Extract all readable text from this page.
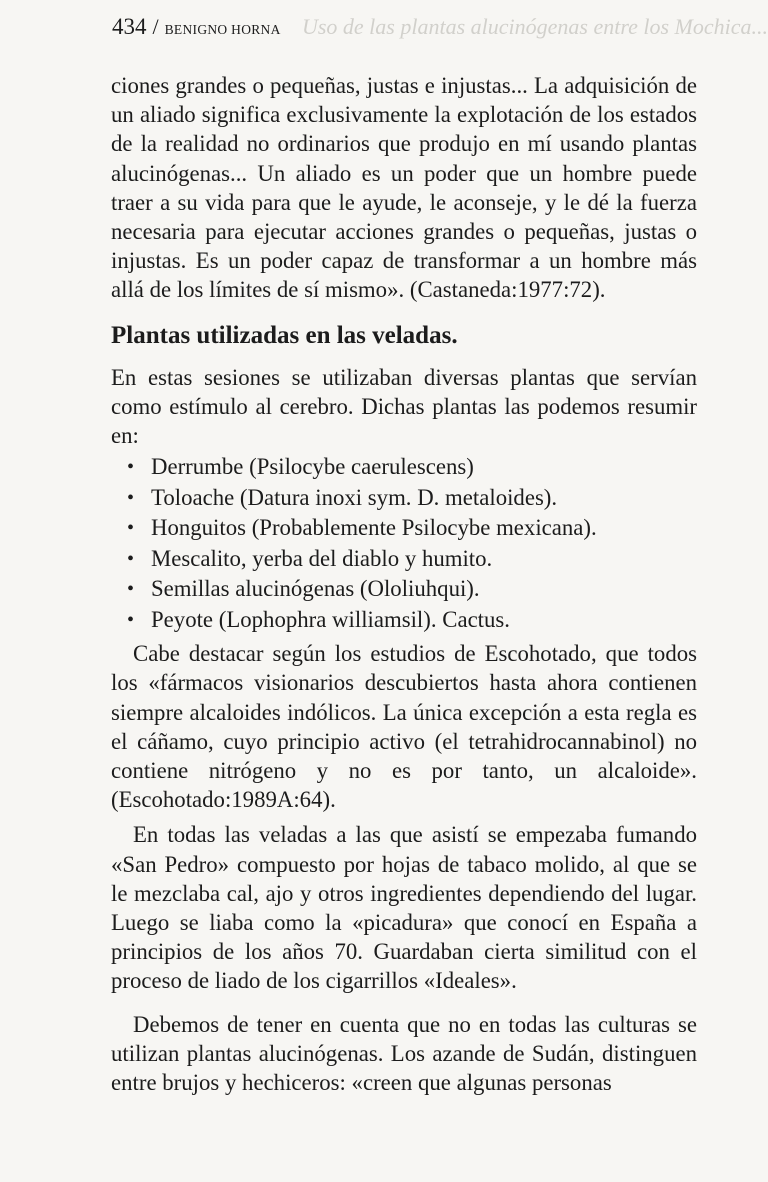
Uso de las plantas alucinógenas entre los Mochica...
434 / BENIGNO HORNA

ciones grandes o pequeñas, justas e injustas... La adquisición de un aliado significa exclusivamente la explotación de los estados de la realidad no ordinarios que produjo en mí usando plantas alucinógenas... Un aliado es un poder que un hombre puede traer a su vida para que le ayude, le aconseje, y le dé la fuerza necesaria para ejecutar acciones grandes o pequeñas, justas o injustas. Es un poder capaz de transformar a un hombre más allá de los límites de sí mismo». (Castaneda:1977:72).

Plantas utilizadas en las veladas.

En estas sesiones se utilizaban diversas plantas que servían como estímulo al cerebro. Dichas plantas las podemos resumir en:

• Derrumbe (Psilocybe caerulescens)
• Toloache (Datura inoxi sym. D. metaloides).
• Honguitos (Probablemente Psilocybe mexicana).
• Mescalito, yerba del diablo y humito.
• Semillas alucinógenas (Ololiuhqui).
• Peyote (Lophophra williamsil). Cactus.

Cabe destacar según los estudios de Escohotado, que todos los «fármacos visionarios descubiertos hasta ahora contienen siempre alcaloides indólicos. La única excepción a esta regla es el cáñamo, cuyo principio activo (el tetrahidrocannabinol) no contiene nitrógeno y no es por tanto, un alcaloide». (Escohotado:1989A:64).

En todas las veladas a las que asistí se empezaba fumando «San Pedro» compuesto por hojas de tabaco molido, al que se le mezclaba cal, ajo y otros ingredientes dependiendo del lugar. Luego se liaba como la «picadura» que conocí en España a principios de los años 70. Guardaban cierta similitud con el proceso de liado de los cigarrillos «Ideales».

Debemos de tener en cuenta que no en todas las culturas se utilizan plantas alucinógenas. Los azande de Sudán, distinguen entre brujos y hechiceros: «creen que algunas personas
